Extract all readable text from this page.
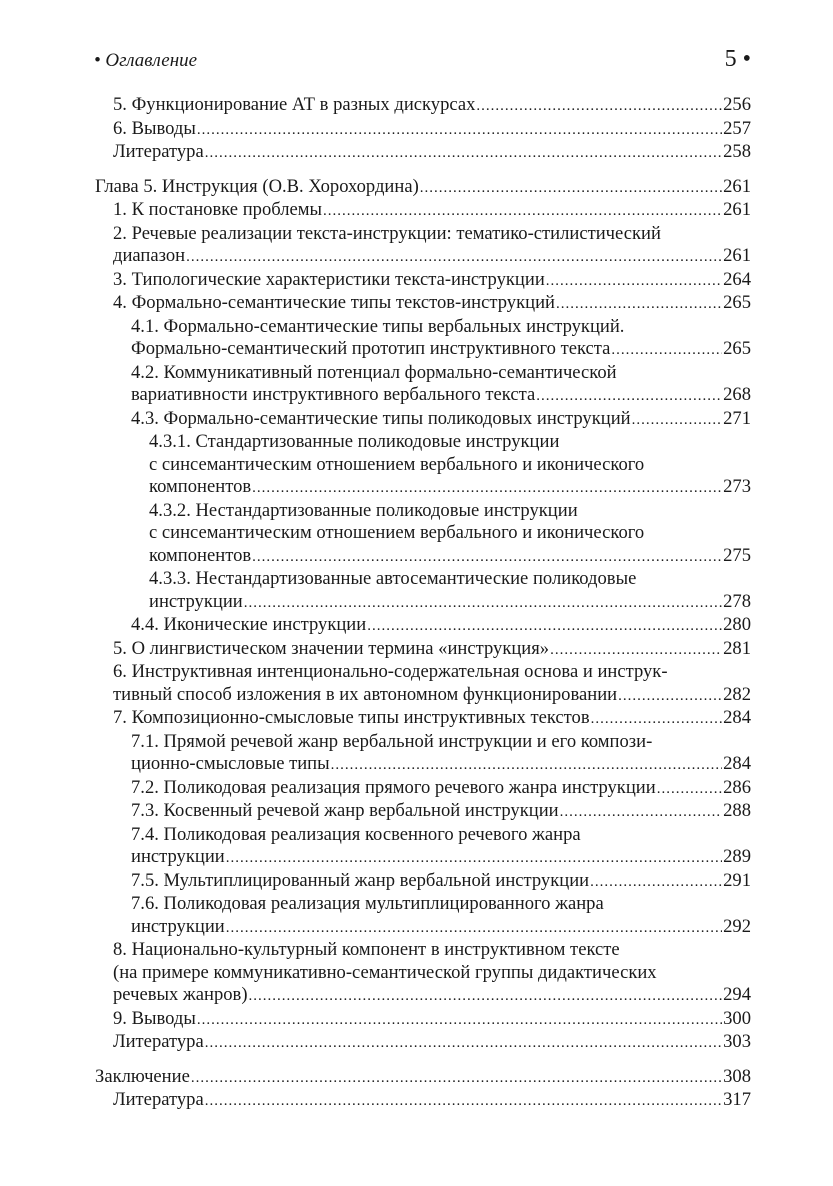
• Оглавление	5 •
5. Функционирование АТ в разных дискурсах .....	256
6. Выводы .....	257
Литература .....	258
Глава 5. Инструкция (О.В. Хорохордина) .....	261
1. К постановке проблемы .....	261
2. Речевые реализации текста-инструкции: тематико-стилистический
диапазон .....	261
3. Типологические характеристики текста-инструкции .....	264
4. Формально-семантические типы текстов-инструкций .....	265
4.1. Формально-семантические типы вербальных инструкций.
Формально-семантический прототип инструктивного текста .....	265
4.2. Коммуникативный потенциал формально-семантической
вариативности инструктивного вербального текста .....	268
4.3. Формально-семантические типы поликодовых инструкций .....	271
4.3.1. Стандартизованные поликодовые инструкции
с синсемантическим отношением вербального и иконического
компонентов .....	273
4.3.2. Нестандартизованные поликодовые инструкции
с синсемантическим отношением вербального и иконического
компонентов .....	275
4.3.3. Нестандартизованные автосемантические поликодовые
инструкции .....	278
4.4. Иконические инструкции .....	280
5. О лингвистическом значении термина «инструкция» .....	281
6. Инструктивная интенционально-содержательная основа и инструк-
тивный способ изложения в их автономном функционировании .....	282
7. Композиционно-смысловые типы инструктивных текстов .....	284
7.1. Прямой речевой жанр вербальной инструкции и его компози-
ционно-смысловые типы .....	284
7.2. Поликодовая реализация прямого речевого жанра инструкции .....	286
7.3. Косвенный речевой жанр вербальной инструкции .....	288
7.4. Поликодовая реализация косвенного речевого жанра
инструкции .....	289
7.5. Мультиплицированный жанр вербальной инструкции .....	291
7.6. Поликодовая реализация мультиплицированного жанра
инструкции .....	292
8. Национально-культурный компонент в инструктивном тексте
(на примере коммуникативно-семантической группы дидактических
речевых жанров) .....	294
9. Выводы .....	300
Литература .....	303
Заключение .....	308
Литература .....	317
